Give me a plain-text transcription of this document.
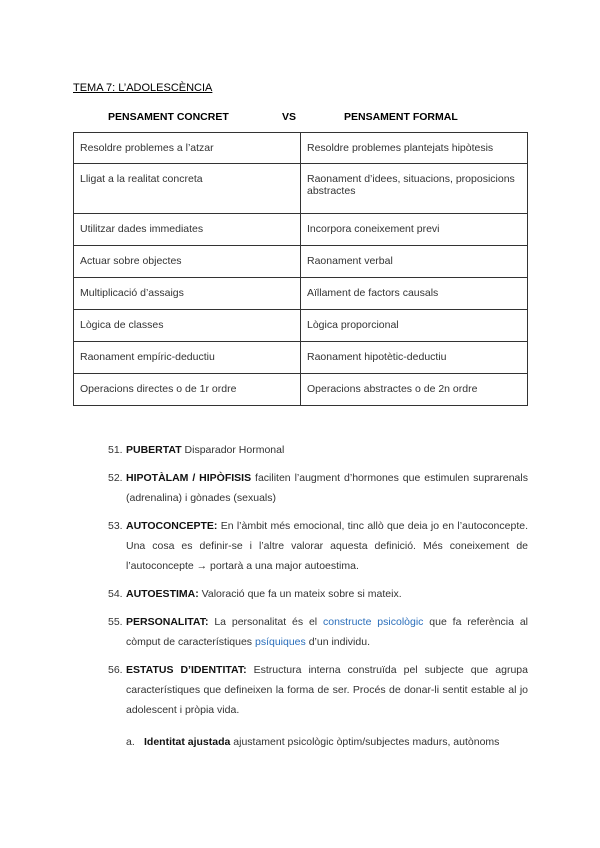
TEMA 7: L’ADOLESCÈNCIA
PENSAMENT CONCRET	VS	PENSAMENT FORMAL
Resoldre problemes a l’atzar	Resoldre problemes plantejats hipòtesis
Lligat a la realitat concreta	Raonament d’idees, situacions, proposicions abstractes
Utilitzar dades immediates	Incorpora coneixement previ
Actuar sobre objectes	Raonament verbal
Multiplicació d’assaigs	Aïllament de factors causals
Lògica de classes	Lògica proporcional
Raonament empíric-deductiu	Raonament hipotètic-deductiu
Operacions directes o de 1r ordre	Operacions abstractes o de 2n ordre
51. PUBERTAT Disparador Hormonal
52. HIPOTÀLAM / HIPÒFISIS faciliten l’augment d’hormones que estimulen suprarenals (adrenalina) i gònades (sexuals)
53. AUTOCONCEPTE: En l’àmbit més emocional, tinc allò que deia jo en l’autoconcepte. Una cosa es definir-se i l’altre valorar aquesta definició. Més coneixement de l’autoconcepte → portarà a una major autoestima.
54. AUTOESTIMA: Valoració que fa un mateix sobre si mateix.
55. PERSONALITAT: La personalitat és el constructe psicològic que fa referència al còmput de característiques psíquiques d’un individu.
56. ESTATUS D’IDENTITAT: Estructura interna construïda pel subjecte que agrupa característiques que defineixen la forma de ser. Procés de donar-li sentit estable al jo adolescent i pròpia vida.
a. Identitat ajustada ajustament psicològic òptim/subjectes madurs, autònoms
